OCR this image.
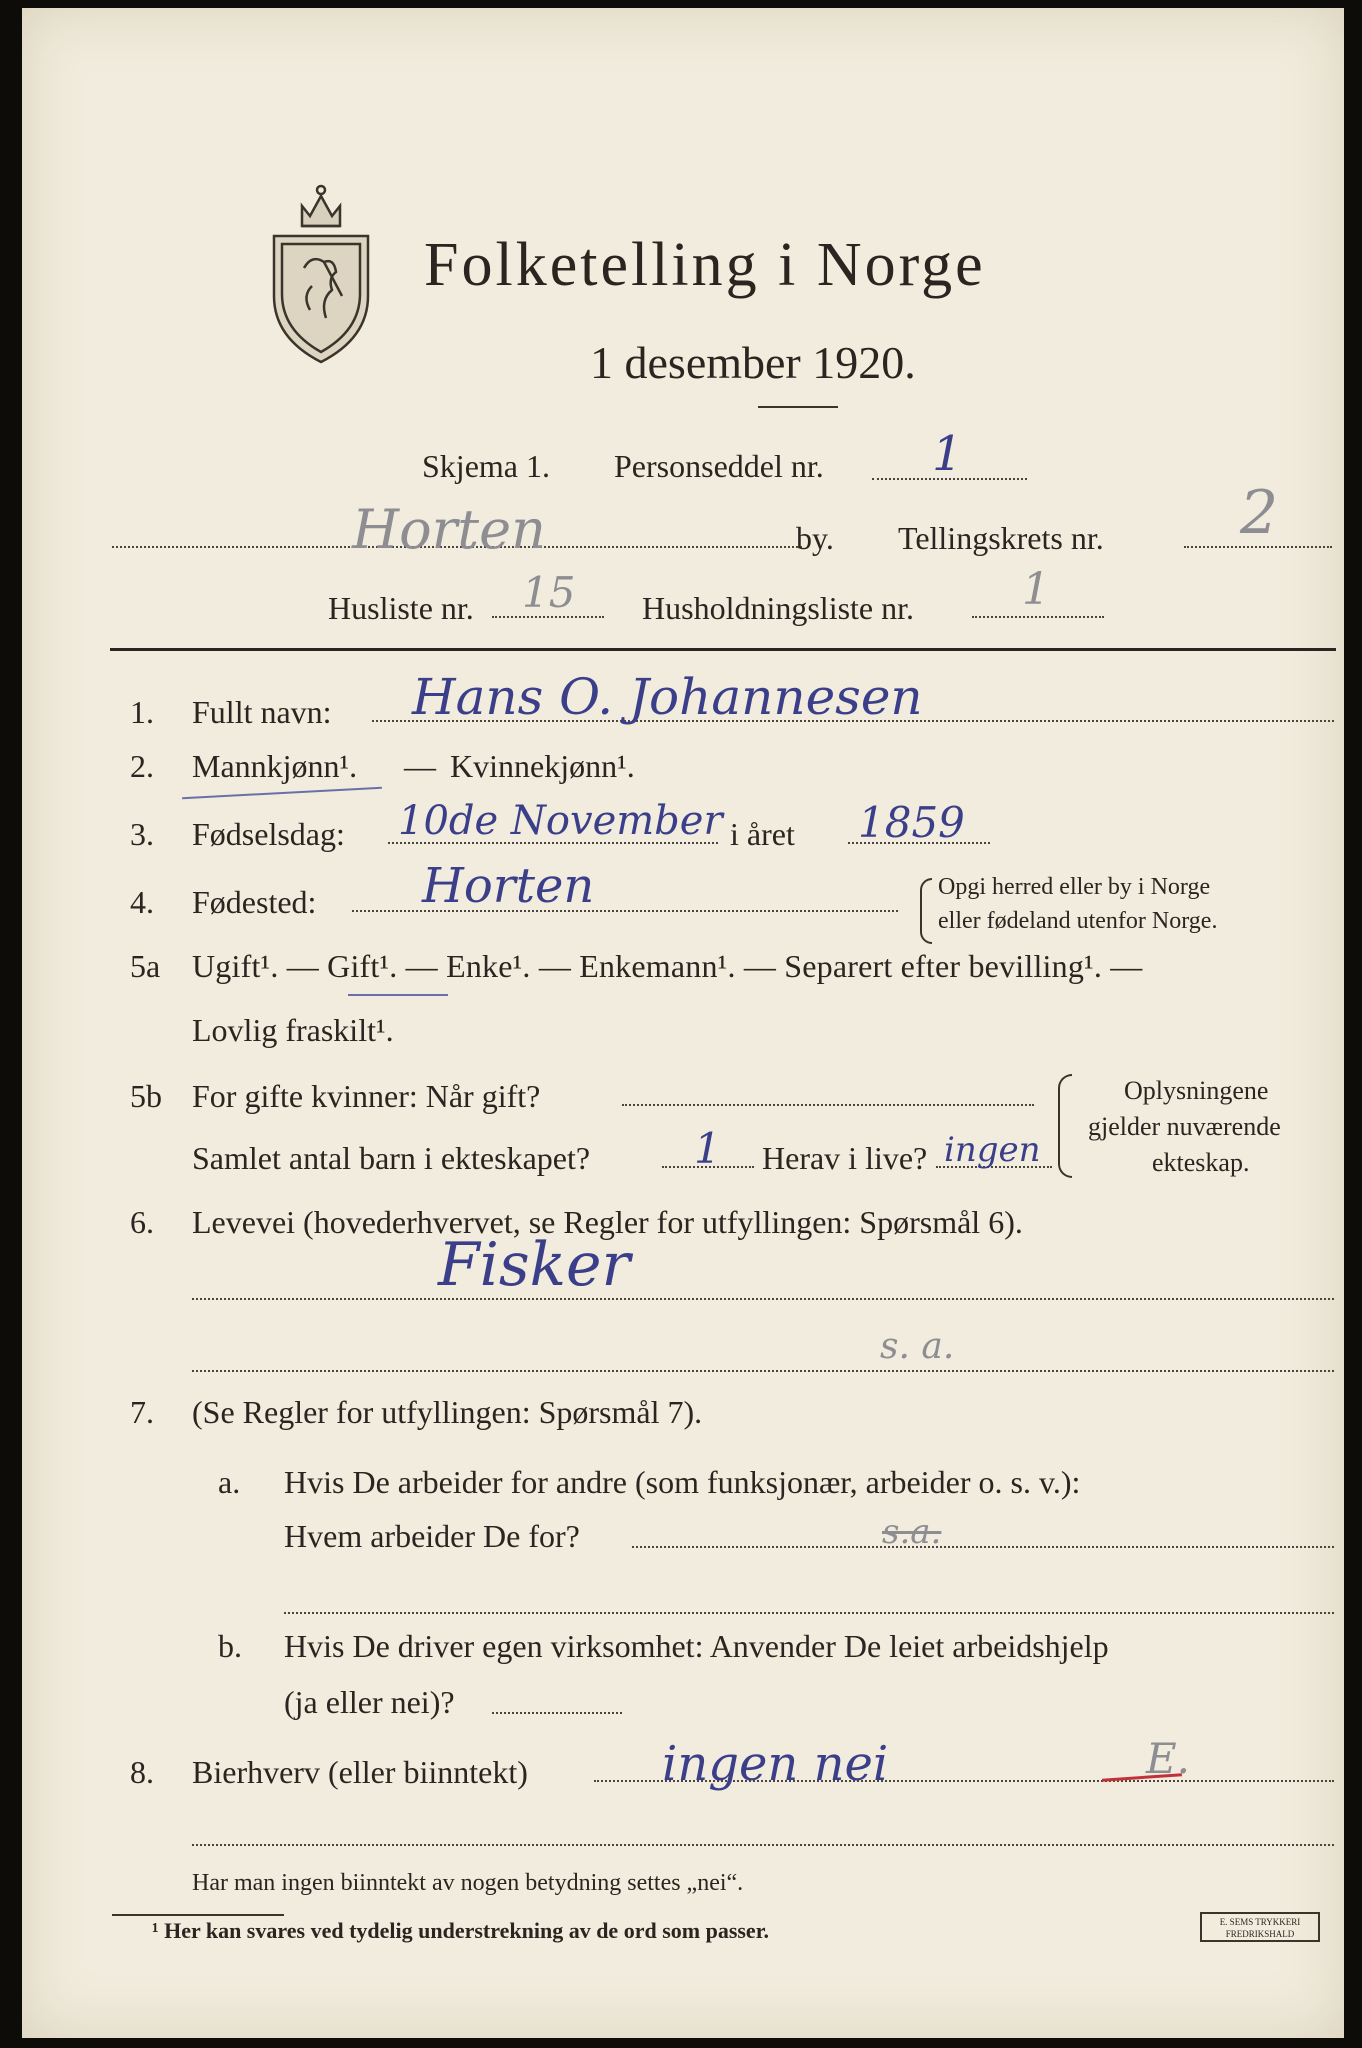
Folketelling i Norge
1 desember 1920.
Skjema 1. Personseddel nr. 1
Horten	by. Tellingskrets nr. 2
Husliste nr. 15 Husholdningsliste nr. 1
1. Fullt navn: Hans O. Johannesen
2. Mannkjønn¹. — Kvinnekjønn¹.
3. Fødselsdag: 10de November i året 1859
4. Fødested: Horten	Opgi herred eller by i Norge
eller fødeland utenfor Norge.
5a Ugift¹. — Gift¹. — Enke¹. — Enkemann¹. — Separert efter bevilling¹. —
Lovlig fraskilt¹.
5b For gifte kvinner: Når gift?
Samlet antal barn i ekteskapet? 1 Herav i live? ingen
Oplysningene
gjelder nuværende
ekteskap.
6. Levevei (hovederhvervet, se Regler for utfyllingen: Spørsmål 6).
Fisker
s. a.
7. (Se Regler for utfyllingen: Spørsmål 7).
a. Hvis De arbeider for andre (som funksjonær, arbeider o. s. v.):
Hvem arbeider De for?	s.a.
b. Hvis De driver egen virksomhet: Anvender De leiet arbeidshjelp
(ja eller nei)?
8. Bierhverv (eller biinntekt)	ingen nei	E.
Har man ingen biinntekt av nogen betydning settes „nei“.
¹ Her kan svares ved tydelig understrekning av de ord som passer.	E. SEMS TRYKKERI
FREDRIKSHALD
